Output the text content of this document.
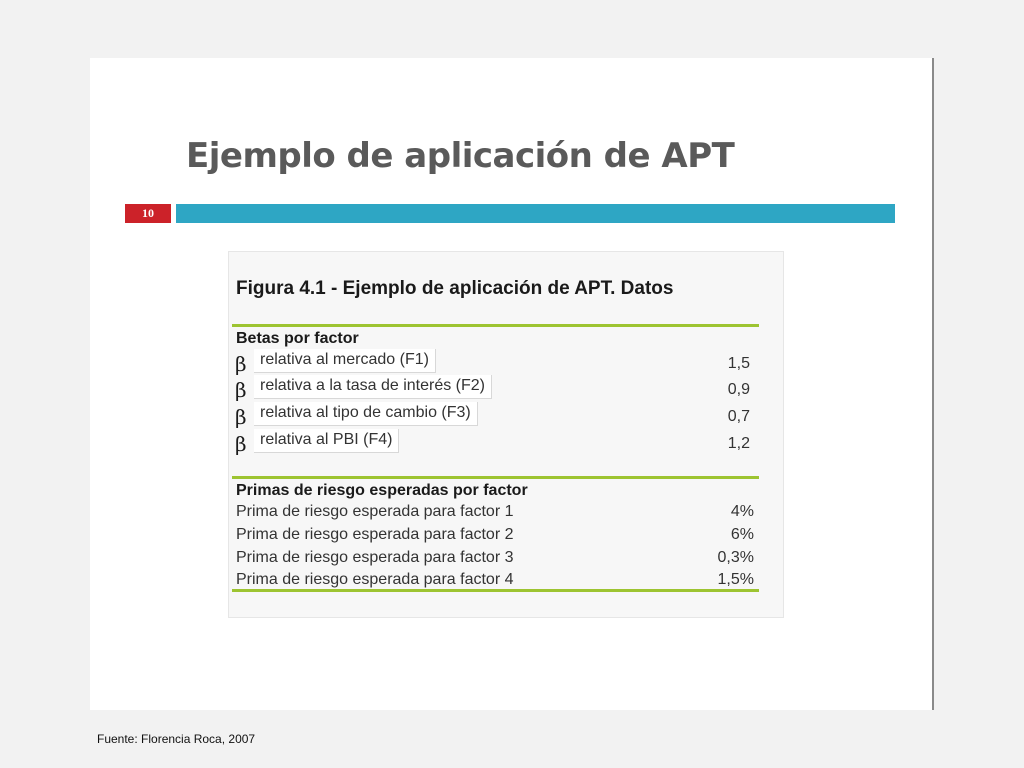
Ejemplo de aplicación de APT
10
Figura 4.1 - Ejemplo de aplicación de APT. Datos
Betas por factor
β relativa al mercado (F1)	1,5
β relativa a la tasa de interés (F2)	0,9
β relativa al tipo de cambio (F3)	0,7
β relativa al PBI (F4)	1,2
Primas de riesgo esperadas por factor
Prima de riesgo esperada para factor 1	4%
Prima de riesgo esperada para factor 2	6%
Prima de riesgo esperada para factor 3	0,3%
Prima de riesgo esperada para factor 4	1,5%
Fuente: Florencia Roca, 2007
